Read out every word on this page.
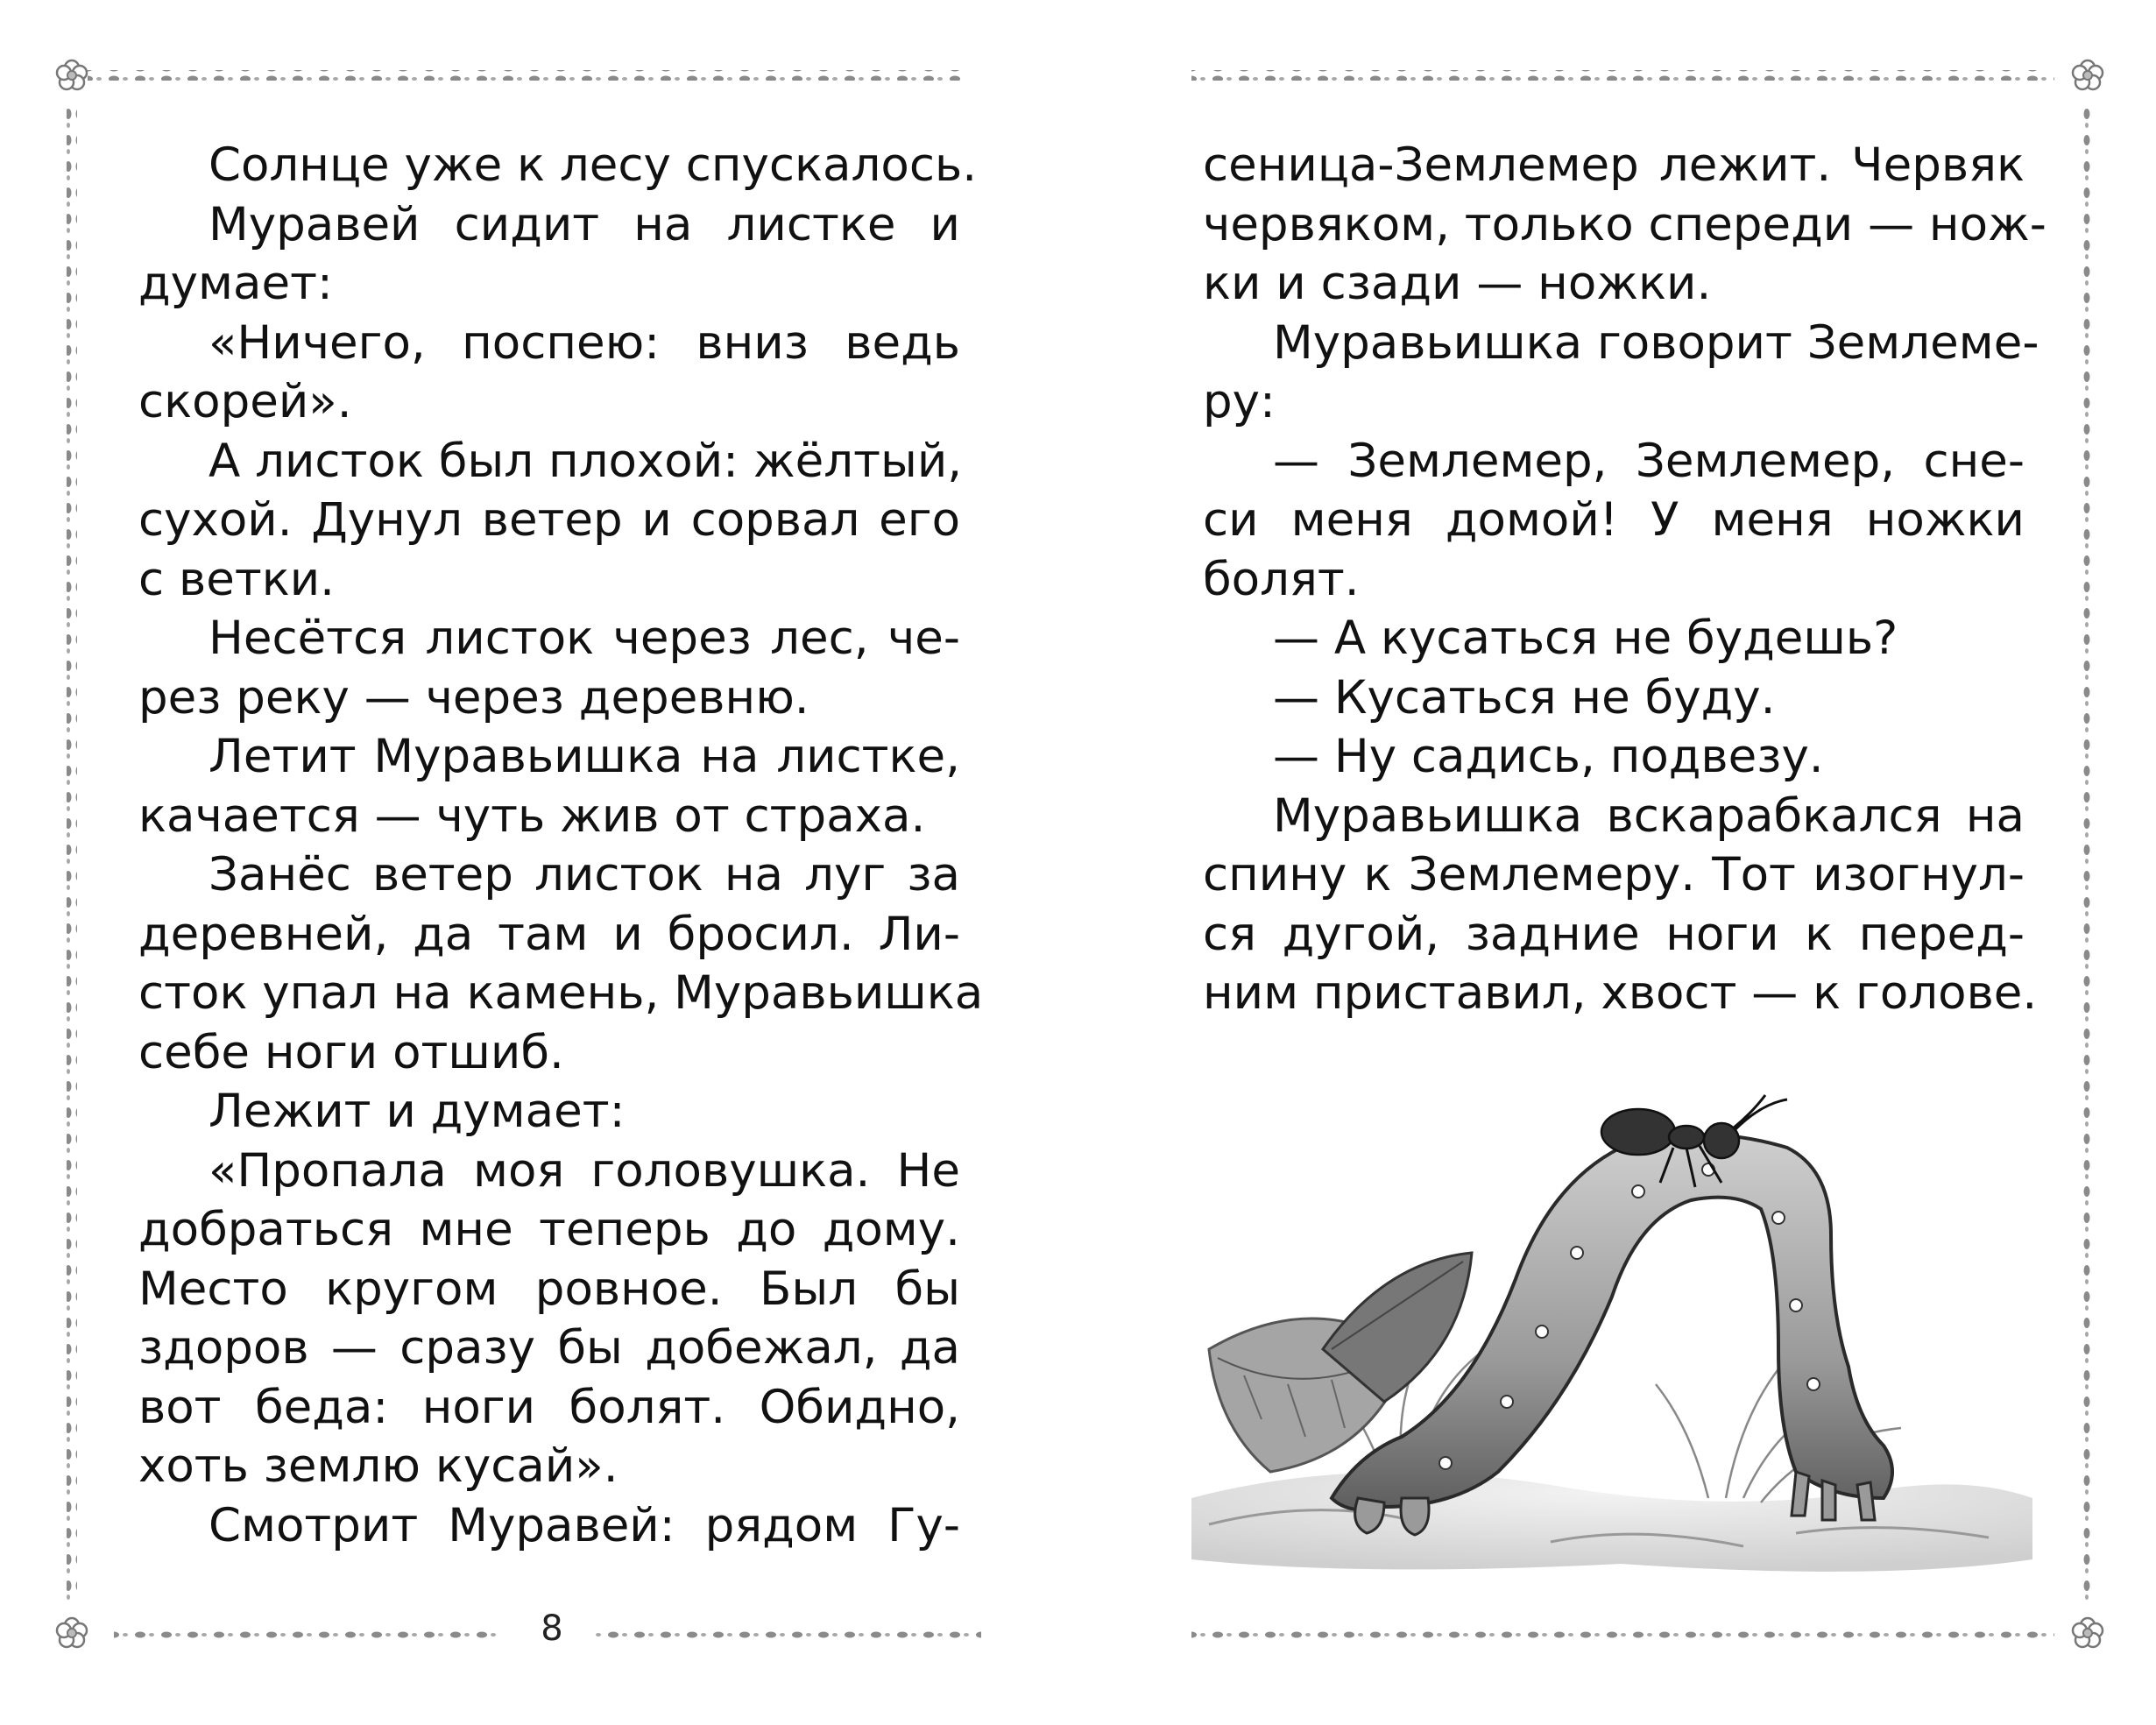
Солнце уже к лесу спускалось.
Муравей сидит на листке и
думает:
«Ничего, поспею: вниз ведь
скорей».
А листок был плохой: жёлтый,
сухой. Дунул ветер и сорвал его
с ветки.
Несётся листок через лес, че-
рез реку — через деревню.
Летит Муравьишка на листке,
качается — чуть жив от страха.
Занёс ветер листок на луг за
деревней, да там и бросил. Ли-
сток упал на камень, Муравьишка
себе ноги отшиб.
Лежит и думает:
«Пропала моя головушка. Не
добраться мне теперь до дому.
Место кругом ровное. Был бы
здоров — сразу бы добежал, да
вот беда: ноги болят. Обидно,
хоть землю кусай».
Смотрит Муравей: рядом Гу-
8
сеница-Землемер лежит. Червяк
червяком, только спереди — нож-
ки и сзади — ножки.
Муравьишка говорит Землеме-
ру:
— Землемер, Землемер, сне-
си меня домой! У меня ножки
болят.
— А кусаться не будешь?
— Кусаться не буду.
— Ну садись, подвезу.
Муравьишка вскарабкался на
спину к Землемеру. Тот изогнул-
ся дугой, задние ноги к перед-
ним приставил, хвост — к голове.
